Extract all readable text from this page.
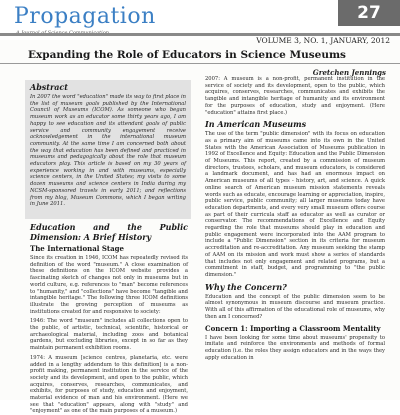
Propagation	27
VOLUME 3, NO. 1, JANUARY, 2012
Expanding the Role of Educators in Science Museums
Gretchen Jennings
Abstract
In 2007 the word "education" made its way to first place in the list of museum goals published by the International Council of Museums (ICOM). As someone who began museum work as an educator some thirty years ago, I am happy to see education and its attendant goals of public service and community engagement receive acknowledgement in the international museum community. At the same time I am concerned both about the way that education has been defined and practiced in museums and pedagogically about the role that museum educators play. This article is based on my 30 years of experience working in and with museums, especially science centers, in the United States; my visits to some dozen museums and science centers in India during my NCSM-sponsored travels in early 2011; and reflections from my blog, Museum Commons, which I began writing in June 2011.
Education and the Public Dimension: A Brief History
The International Stage
Since its creation in 1946, ICOM has repeatedly revised its definition of the word "museum." A close examination of these definitions on the ICOM website provides a fascinating sketch of changes not only in museums but in world culture, e.g. references to "man" become references to "humanity," and "collections" have become "tangible and intangible heritage." The following three ICOM definitions illustrate the growing perception of museums as institutions created for and responsive to society:
1946: The word "museum" includes all collections open to the public, of artistic, technical, scientific, historical or archaeological material, including zoos and botanical gardens, but excluding libraries, except in so far as they maintain permanent exhibition rooms.
1974: A museum [science centres, planetaria, etc. were added in a lengthy addendum to this definition] is a non-profit making, permanent institution in the service of the society and its development, and open to the public, which acquires, conserves, researches, communicates, and exhibits, for purposes of study, education and enjoyment, material evidence of man and his environment. (Here we see that "education" appears, along with "study" and "enjoyment" as one of the main purposes of a museum.)
2007: A museum is a non-profit, permanent institution in the service of society and its development, open to the public, which acquires, conserves, researches, communicates and exhibits the tangible and intangible heritage of humanity and its environment for the purposes of education, study and enjoyment. (Here "education" attains first place.)
In American Museums
The use of the term "public dimension" with its focus on education as a primary aim of museums came into its own in the United States with the American Association of Museums publication in 1992 of Excellence and Equity: Education and the Public Dimension of Museums. This report, created by a commission of museum directors, trustees, scholars, and museum educators, is considered a landmark document, and has had an enormous impact on American museums of all types - history, art, and science. A quick online search of American museum mission statements reveals words such as educate, encourage learning or appreciation, inspire, public service, public community; all larger museums today have education departments, and every very small museum offers course as part of their curricula staff as educator as well as curator or conservator. The recommendations of Excellence and Equity regarding the role that museums should play in education and public engagement were incorporated into the AAM program to include a "Public Dimension" section in its criteria for museum accreditation and re-accreditation. Any museum seeking the stamp of AAM on its mission and work must show a series of standards that includes not only engagement and related programs, but a commitment in staff, budget, and programming to "the public dimension."
Why the Concern?
Education and the concept of the public dimension seem to be almost synonymous in museum discourse and museum practice. With all of this affirmation of the educational role of museums, why then am I concerned?
Concern 1: Importing a Classroom Mentality
I have been looking for some time about museums' propensity to imitate and reinforce the environments and methods of formal education (i.e. the roles they assign educators and in the ways they apply education in
